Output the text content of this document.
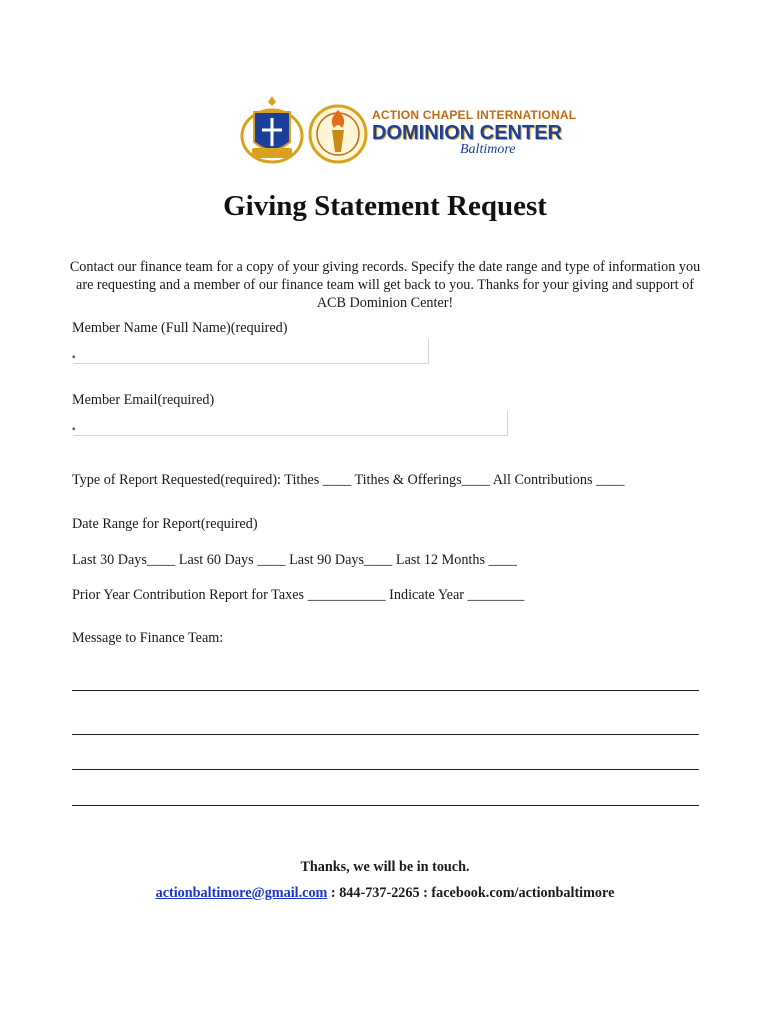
ACTION CHAPEL INTERNATIONAL
DOMINION CENTER
Baltimore
Giving Statement Request
Contact our finance team for a copy of your giving records. Specify the date range and type of information you are requesting and a member of our finance team will get back to you. Thanks for your giving and support of ACB Dominion Center!
Member Name (Full Name)(required)
▪
Member Email(required)
▪
Type of Report Requested(required): Tithes ____ Tithes & Offerings____ All Contributions ____
Date Range for Report(required)
Last 30 Days____ Last 60 Days ____ Last 90 Days____ Last 12 Months ____
Prior Year Contribution Report for Taxes ___________ Indicate Year ________
Message to Finance Team:
Thanks, we will be in touch.
actionbaltimore@gmail.com : 844-737-2265 : facebook.com/actionbaltimore
